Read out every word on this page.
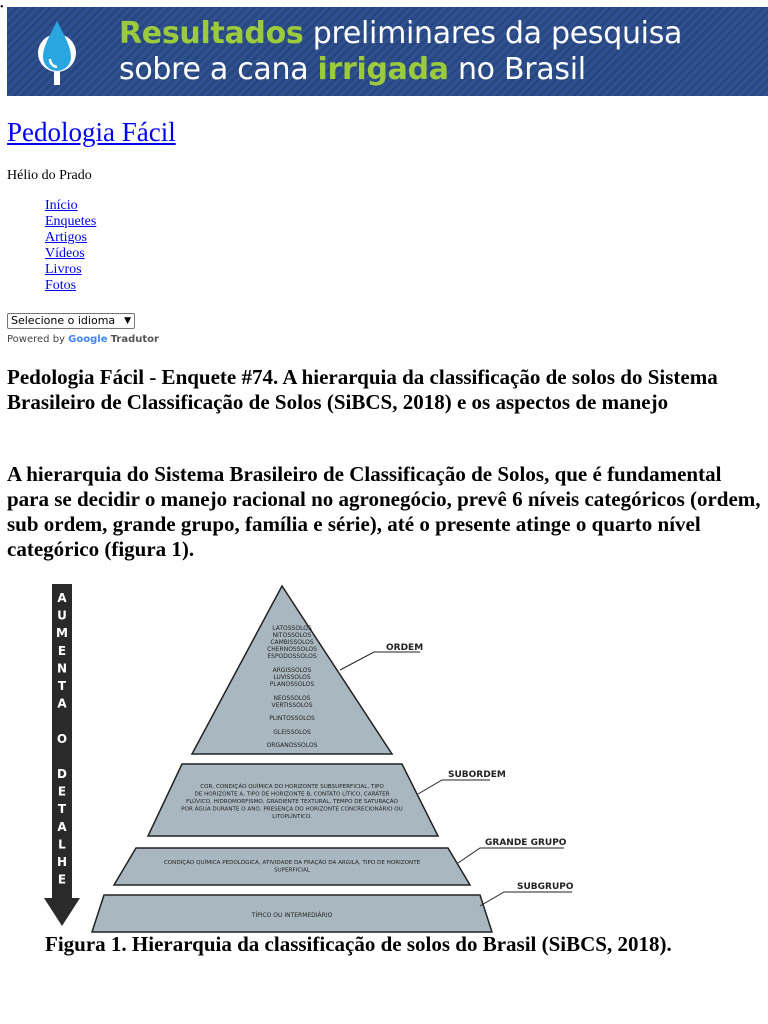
•
Resultados preliminares da pesquisa
sobre a cana irrigada no Brasil
Pedologia Fácil
Hélio do Prado
Início
Enquetes
Artigos
Vídeos
Livros
Fotos
Selecione o idioma ▼
Powered by Google Tradutor
Pedologia Fácil - Enquete #74. A hierarquia da classificação de solos do Sistema Brasileiro de Classificação de Solos (SiBCS, 2018) e os aspectos de manejo

A hierarquia do Sistema Brasileiro de Classificação de Solos, que é fundamental para se decidir o manejo racional no agronegócio, prevê 6 níveis categóricos (ordem, sub ordem, grande grupo, família e série), até o presente atinge o quarto nível categórico (figura 1).

A
U
M
E
N
T
A
O
D
E
T
A
L
H
E
LATOSSOLOS
NITOSSOLOS
CAMBISSOLOS
CHERNOSSOLOS
ESPODOSSOLOS
ARGISSOLOS
LUVISSOLOS
PLANOSSOLOS
NEOSSOLOS
VERTISSOLOS
PLINTOSSOLOS
GLEISSOLOS
ORGANOSSOLOS
COR, CONDIÇÃO QUÍMICA DO HORIZONTE SUBSUPERFICIAL, TIPO
DE HORIZONTE A, TIPO DE HORIZONTE B, CONTATO LÍTICO, CARÁTER
FLÚVICO, HIDROMORFISMO, GRADIENTE TEXTURAL, TEMPO DE SATURAÇÃO
POR ÁGUA DURANTE O ANO, PRESENÇA DO HORIZONTE CONCRECIONÁRIO OU
LITOPLÍNTICO.
CONDIÇÃO QUÍMICA PEDOLÓGICA, ATIVIDADE DA FRAÇÃO DA ARGILA, TIPO DE HORIZONTE
SUPERFICIAL
TÍPICO OU INTERMEDIÁRIO
ORDEM
SUBORDEM
GRANDE GRUPO
SUBGRUPO

Figura 1. Hierarquia da classificação de solos do Brasil (SiBCS, 2018).
